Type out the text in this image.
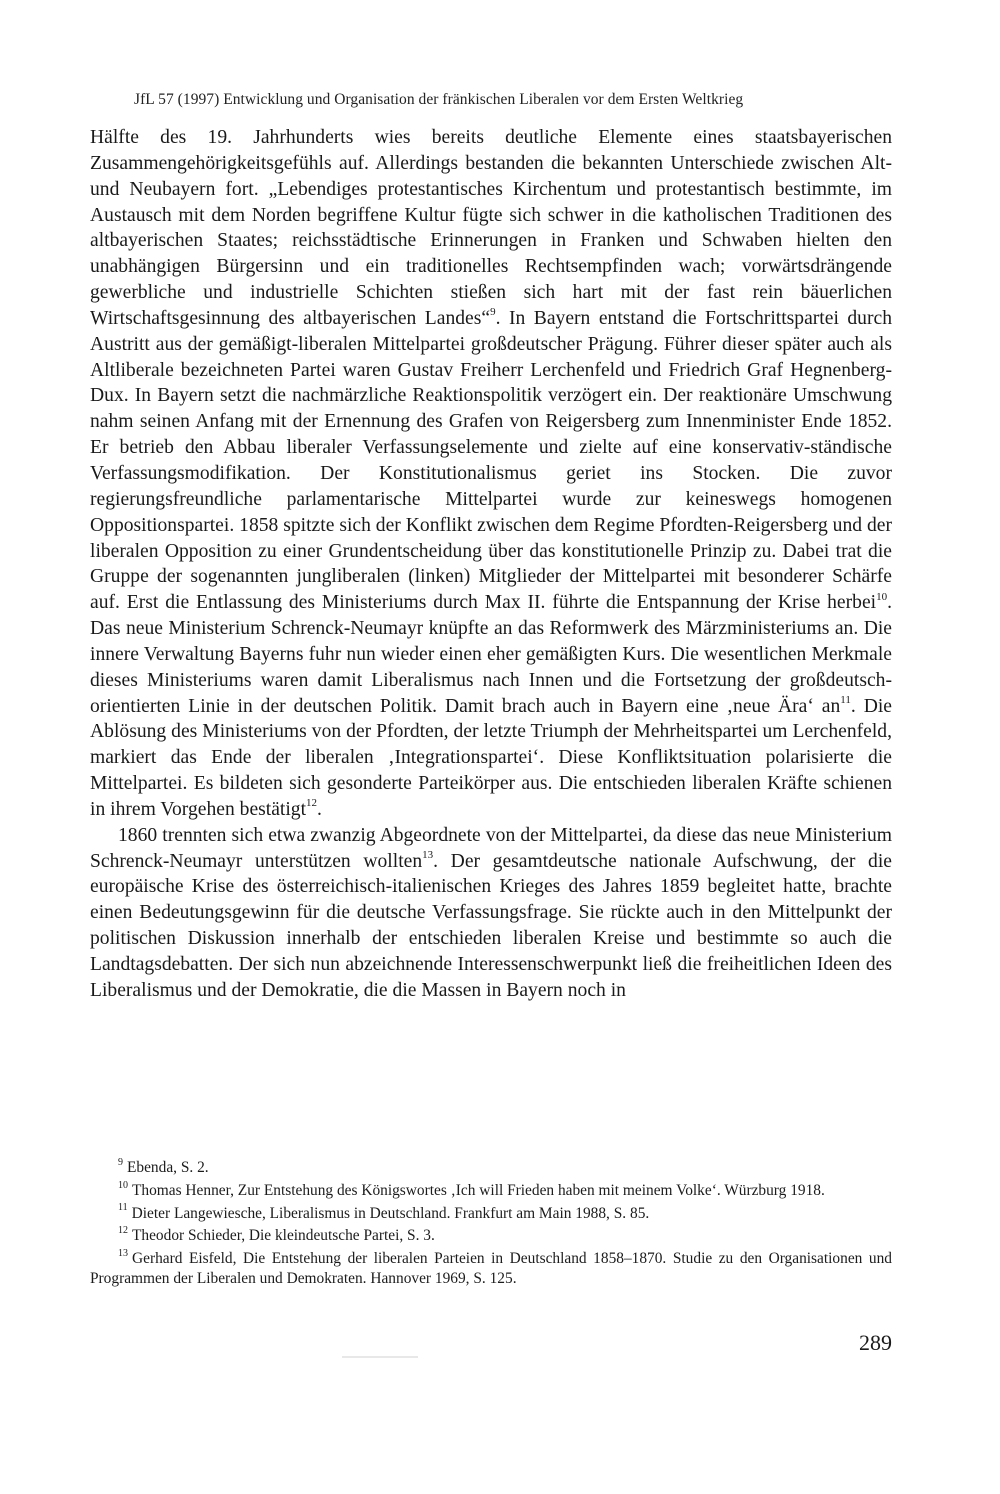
JfL 57 (1997) Entwicklung und Organisation der fränkischen Liberalen vor dem Ersten Weltkrieg

Hälfte des 19. Jahrhunderts wies bereits deutliche Elemente eines staatsbayerischen Zusammengehörigkeitsgefühls auf. Allerdings bestanden die bekannten Unterschiede zwischen Alt- und Neubayern fort. „Lebendiges protestantisches Kirchentum und protestantisch bestimmte, im Austausch mit dem Norden begriffene Kultur fügte sich schwer in die katholischen Traditionen des altbayerischen Staates; reichsstädtische Erinnerungen in Franken und Schwaben hielten den unabhängigen Bürgersinn und ein traditionelles Rechtsempfinden wach; vorwärtsdrängende gewerbliche und industrielle Schichten stießen sich hart mit der fast rein bäuerlichen Wirtschaftsgesinnung des altbayerischen Landes“$^9$. In Bayern entstand die Fortschrittspartei durch Austritt aus der gemäßigt-liberalen Mittelpartei großdeutscher Prägung. Führer dieser später auch als Altliberale bezeichneten Partei waren Gustav Freiherr Lerchenfeld und Friedrich Graf Hegnenberg-Dux. In Bayern setzt die nachmärzliche Reaktionspolitik verzögert ein. Der reaktionäre Umschwung nahm seinen Anfang mit der Ernennung des Grafen von Reigersberg zum Innenminister Ende 1852. Er betrieb den Abbau liberaler Verfassungselemente und zielte auf eine konservativ-ständische Verfassungsmodifikation. Der Konstitutionalismus geriet ins Stocken. Die zuvor regierungsfreundliche parlamentarische Mittelpartei wurde zur keineswegs homogenen Oppositionspartei. 1858 spitzte sich der Konflikt zwischen dem Regime Pfordten-Reigersberg und der liberalen Opposition zu einer Grundentscheidung über das konstitutionelle Prinzip zu. Dabei trat die Gruppe der sogenannten jungliberalen (linken) Mitglieder der Mittelpartei mit besonderer Schärfe auf. Erst die Entlassung des Ministeriums durch Max II. führte die Entspannung der Krise herbei$^{10}$. Das neue Ministerium Schrenck-Neumayr knüpfte an das Reformwerk des Märzministeriums an. Die innere Verwaltung Bayerns fuhr nun wieder einen eher gemäßigten Kurs. Die wesentlichen Merkmale dieses Ministeriums waren damit Liberalismus nach Innen und die Fortsetzung der großdeutsch-orientierten Linie in der deutschen Politik. Damit brach auch in Bayern eine ‚neue Ära‘ $an^{11}$. Die Ablösung des Ministeriums von der Pfordten, der letzte Triumph der Mehrheitspartei um Lerchenfeld, markiert das Ende der liberalen ‚Integrationspartei‘. Diese Konfliktsituation polarisierte die Mittelpartei. Es bildeten sich gesonderte Parteikörper aus. Die entschieden liberalen Kräfte schienen in ihrem Vorgehen bestätigt$^{12}$.

1860 trennten sich etwa zwanzig Abgeordnete von der Mittelpartei, da diese das neue Ministerium Schrenck-Neumayr unterstützen wollten$^{13}$. Der gesamtdeutsche nationale Aufschwung, der die europäische Krise des österreichisch-italienischen Krieges des Jahres 1859 begleitet hatte, brachte einen Bedeutungsgewinn für die deutsche Verfassungsfrage. Sie rückte auch in den Mittelpunkt der politischen Diskussion innerhalb der entschieden liberalen Kreise und bestimmte so auch die Landtagsdebatten. Der sich nun abzeichnende Interessenschwerpunkt ließ die freiheitlichen Ideen des Liberalismus und der Demokratie, die die Massen in Bayern noch in

$^9$ Ebenda, S. 2.
$^{10}$ Thomas Henner, Zur Entstehung des Königswortes ‚Ich will Frieden haben mit meinem Volke‘. Würzburg 1918.
$^{11}$ Dieter Langewiesche, Liberalismus in Deutschland. Frankfurt am Main 1988, S. 85.
$^{12}$ Theodor Schieder, Die kleindeutsche Partei, S. 3.
$^{13}$ Gerhard Eisfeld, Die Entstehung der liberalen Parteien in Deutschland 1858–1870. Studie zu den Organisationen und Programmen der Liberalen und Demokraten. Hannover 1969, S. 125.
289
